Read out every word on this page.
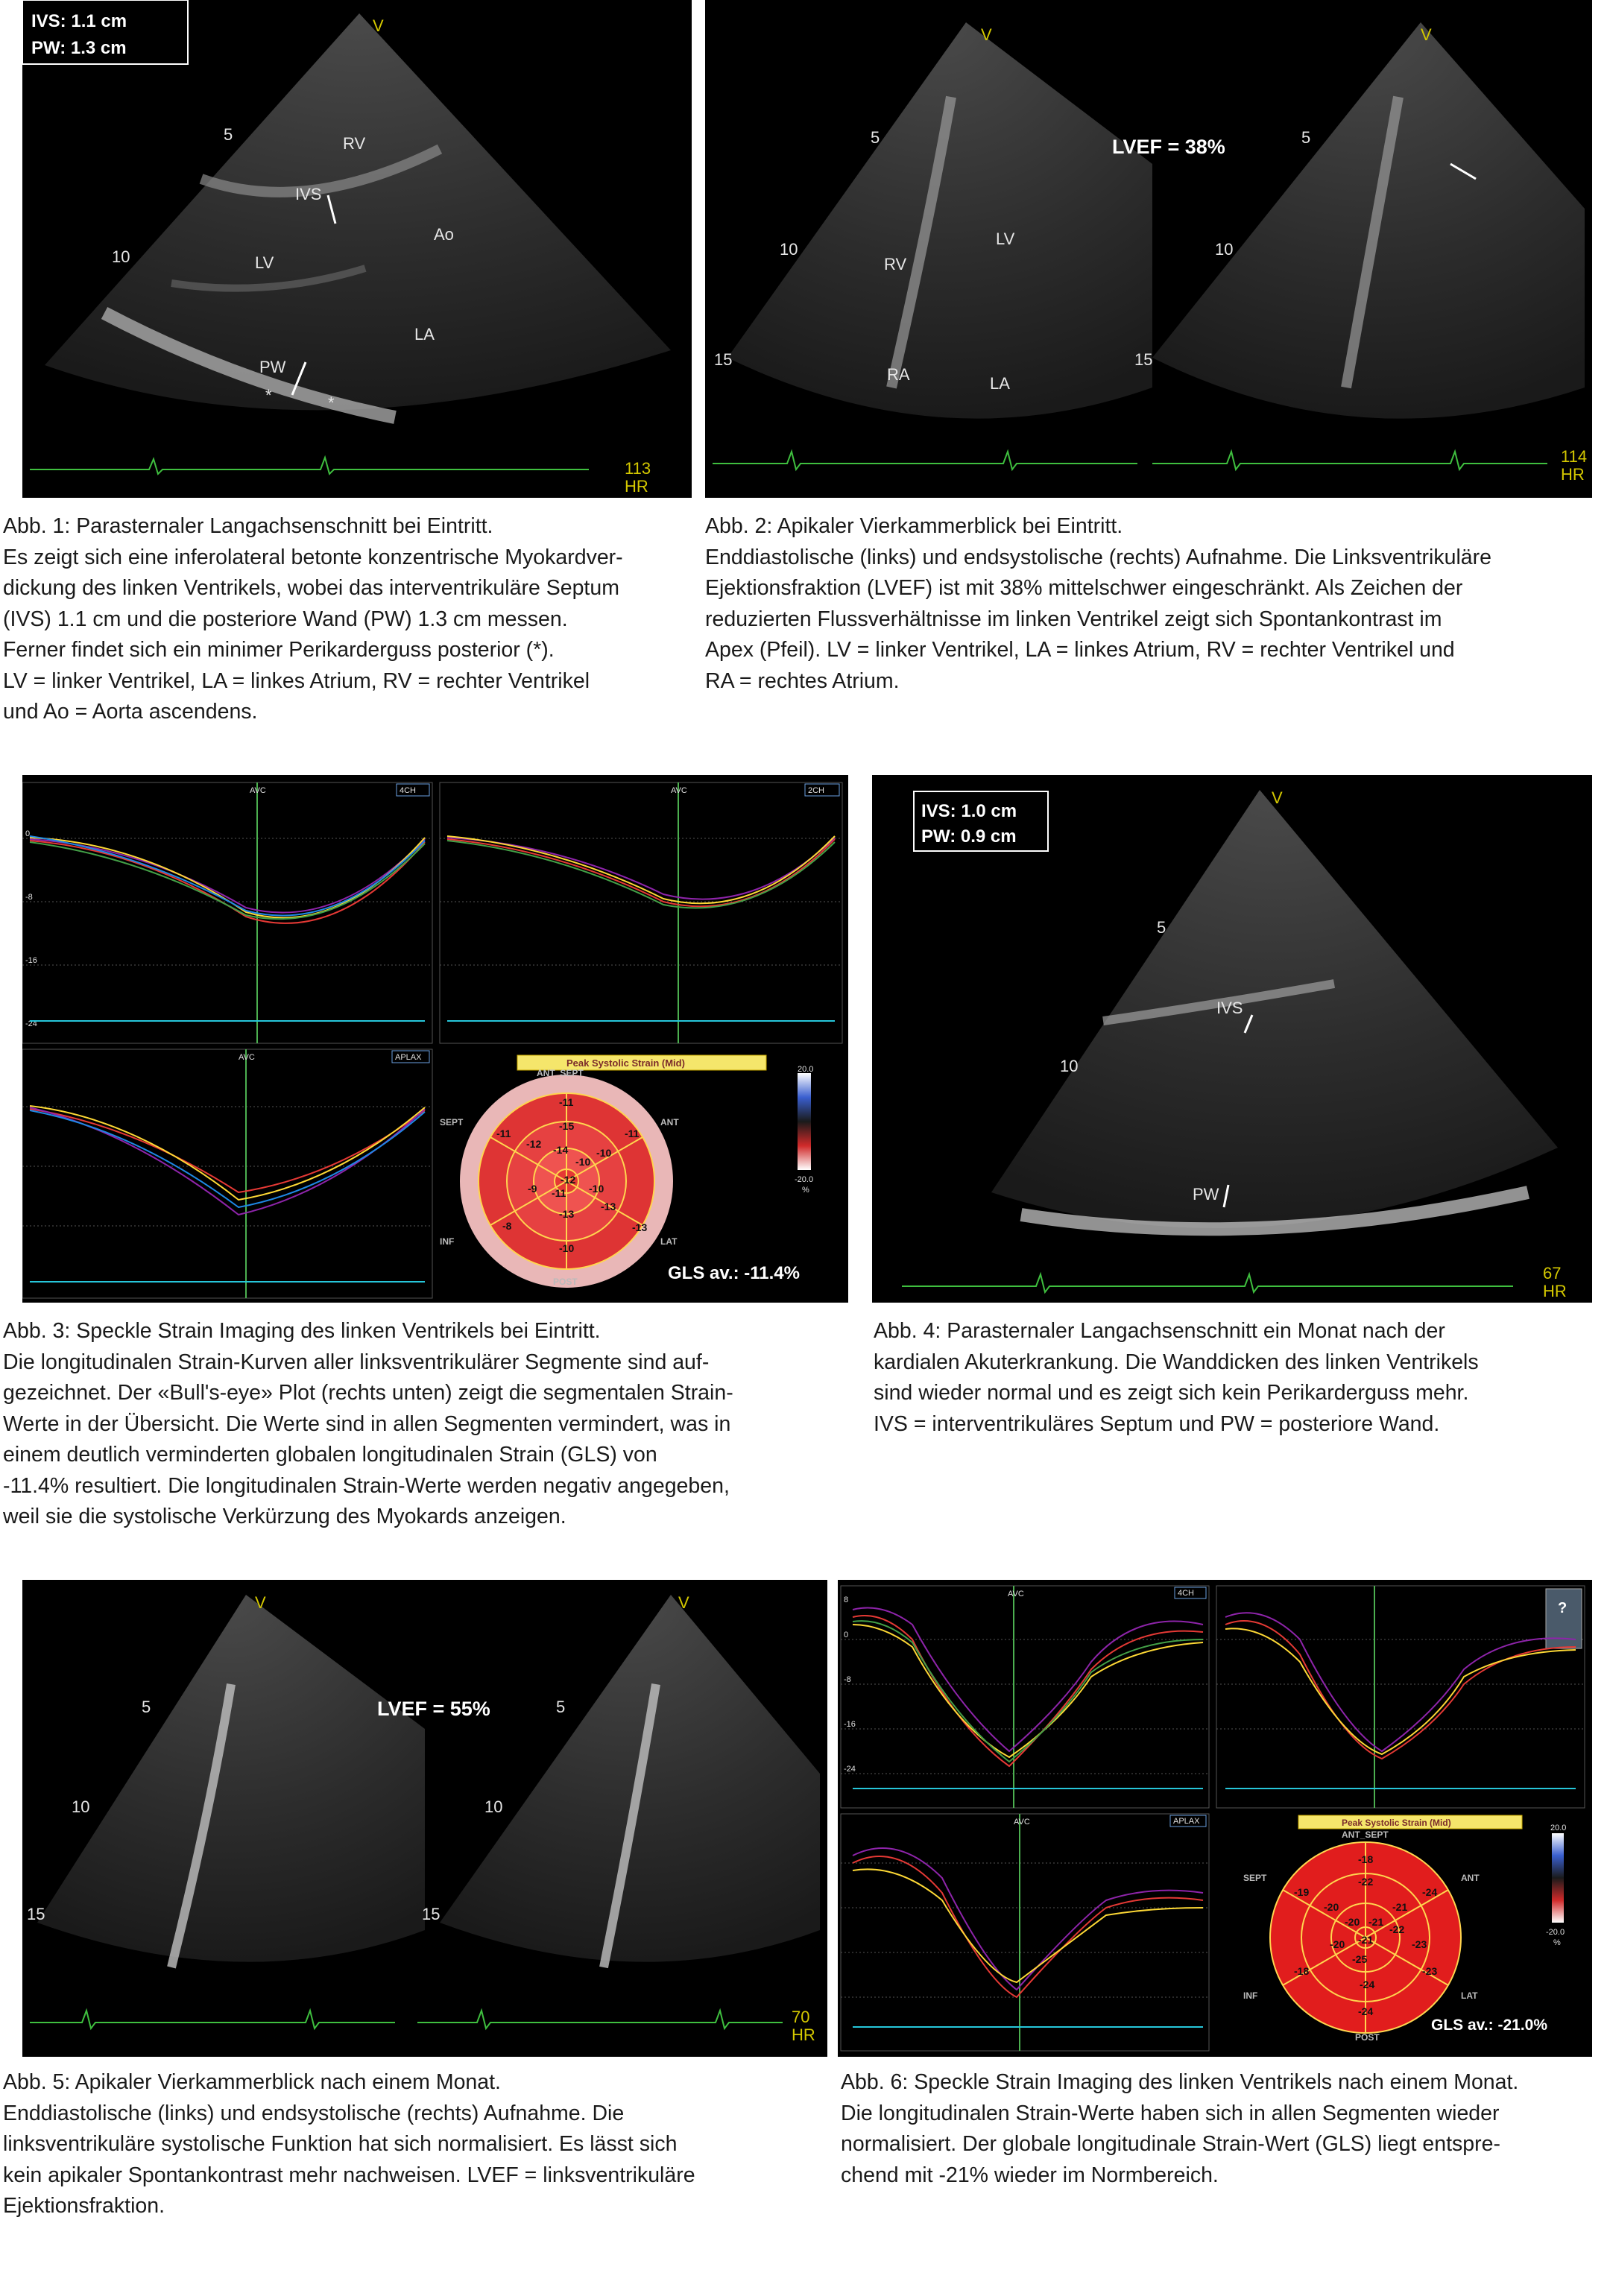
IVS: 1.1 cm
PW: 1.3 cm
V
5
10
RV
IVS
Ao
LV
LA
PW
*	*
113
HR
Abb. 1: Parasternaler Langachsenschnitt bei Eintritt.
Es zeigt sich eine inferolateral betonte konzentrische Myokardver-
dickung des linken Ventrikels, wobei das interventrikuläre Septum
(IVS) 1.1 cm und die posteriore Wand (PW) 1.3 cm messen.
Ferner findet sich ein minimer Perikarderguss posterior (*).
LV = linker Ventrikel, LA = linkes Atrium, RV = rechter Ventrikel
und Ao = Aorta ascendens.
V	V
5
10
15
5
10
15
LVEF = 38%
LV
RV
RA	LA
114
HR
Abb. 2: Apikaler Vierkammerblick bei Eintritt.
Enddiastolische (links) und endsystolische (rechts) Aufnahme. Die Linksventrikuläre
Ejektionsfraktion (LVEF) ist mit 38% mittelschwer eingeschränkt. Als Zeichen der
reduzierten Flussverhältnisse im linken Ventrikel zeigt sich Spontankontrast im
Apex (Pfeil). LV = linker Ventrikel, LA = linkes Atrium, RV = rechter Ventrikel und
RA = rechtes Atrium.
AVC
0
-8
-16
-24
4CH	AVC	2CH
AVC	APLAX	Peak Systolic Strain (Mid)
20.0
-20.0
%
ANT_SEPT
SEPT	ANT
INF	LAT
POST
-11
-15
-11
-12 -14
-10
-11
-12
-10
-10
-9 -11
-13
-8
-13
-13
-10
GLS av.: -11.4%
Abb. 3: Speckle Strain Imaging des linken Ventrikels bei Eintritt.
Die longitudinalen Strain-Kurven aller linksventrikulärer Segmente sind auf-
gezeichnet. Der «Bull's-eye» Plot (rechts unten) zeigt die segmentalen Strain-
Werte in der Übersicht. Die Werte sind in allen Segmenten vermindert, was in
einem deutlich verminderten globalen longitudinalen Strain (GLS) von
-11.4% resultiert. Die longitudinalen Strain-Werte werden negativ angegeben,
weil sie die systolische Verkürzung des Myokards anzeigen.
IVS: 1.0 cm
PW: 0.9 cm
V
5
10
IVS
PW
67
HR
Abb. 4: Parasternaler Langachsenschnitt ein Monat nach der
kardialen Akuterkrankung. Die Wanddicken des linken Ventrikels
sind wieder normal und es zeigt sich kein Perikarderguss mehr.
IVS = interventrikuläres Septum und PW = posteriore Wand.
V	V
5
10
15
5
10
15
LVEF = 55%
70
HR
Abb. 5: Apikaler Vierkammerblick nach einem Monat.
Enddiastolische (links) und endsystolische (rechts) Aufnahme. Die
linksventrikuläre systolische Funktion hat sich normalisiert. Es lässt sich
kein apikaler Spontankontrast mehr nachweisen. LVEF = linksventrikuläre
Ejektionsfraktion.
AVC
8
0
-8
-16
-24
4CH
?
AVC	APLAX	Peak Systolic Strain (Mid)	20.0
-20.0
%
ANT_SEPT
SEPT	ANT
INF	LAT
POST
-18
-22
-19	-24
-20	-21
-20 -21
-22
-23
-20 -21
-18
-25
-23
-24
-24
GLS av.: -21.0%
Abb. 6: Speckle Strain Imaging des linken Ventrikels nach einem Monat.
Die longitudinalen Strain-Werte haben sich in allen Segmenten wieder
normalisiert. Der globale longitudinale Strain-Wert (GLS) liegt entspre-
chend mit -21% wieder im Normbereich.
